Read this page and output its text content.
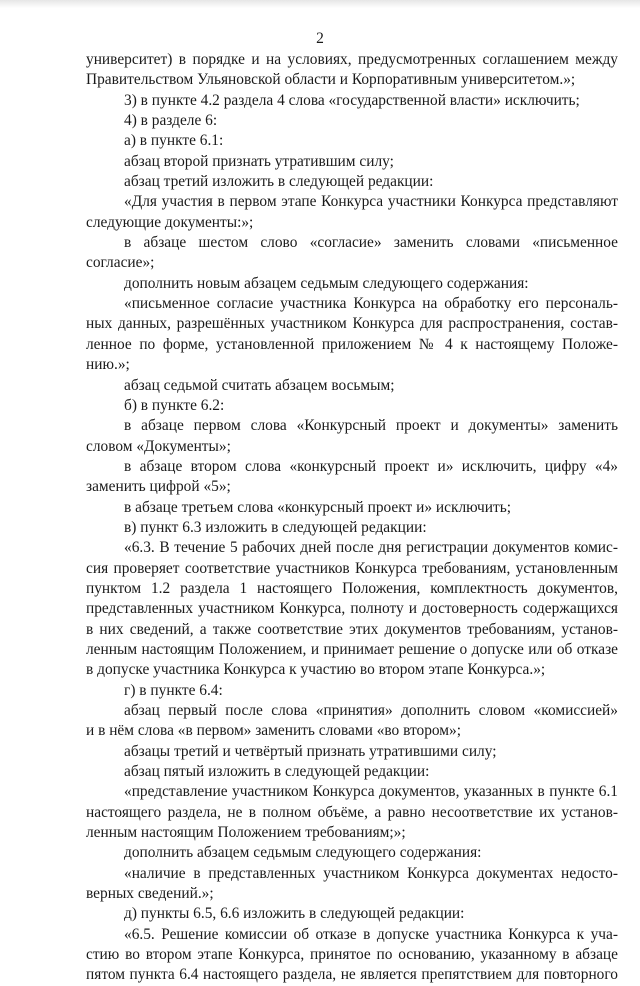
2
университет) в порядке и на условиях, предусмотренных соглашением между
Правительством Ульяновской области и Корпоративным университетом.»;
3) в пункте 4.2 раздела 4 слова «государственной власти» исключить;
4) в разделе 6:
а) в пункте 6.1:
абзац второй признать утратившим силу;
абзац третий изложить в следующей редакции:
«Для участия в первом этапе Конкурса участники Конкурса представляют
следующие документы:»;
в абзаце шестом слово «согласие» заменить словами «письменное
согласие»;
дополнить новым абзацем седьмым следующего содержания:
«письменное согласие участника Конкурса на обработку его персональ-
ных данных, разрешённых участником Конкурса для распространения, состав-
ленное по форме, установленной приложением № 4 к настоящему Положе-
нию.»;
абзац седьмой считать абзацем восьмым;
б) в пункте 6.2:
в абзаце первом слова «Конкурсный проект и документы» заменить
словом «Документы»;
в абзаце втором слова «конкурсный проект и» исключить, цифру «4»
заменить цифрой «5»;
в абзаце третьем слова «конкурсный проект и» исключить;
в) пункт 6.3 изложить в следующей редакции:
«6.3. В течение 5 рабочих дней после дня регистрации документов комис-
сия проверяет соответствие участников Конкурса требованиям, установленным
пунктом 1.2 раздела 1 настоящего Положения, комплектность документов,
представленных участником Конкурса, полноту и достоверность содержащихся
в них сведений, а также соответствие этих документов требованиям, установ-
ленным настоящим Положением, и принимает решение о допуске или об отказе
в допуске участника Конкурса к участию во втором этапе Конкурса.»;
г) в пункте 6.4:
абзац первый после слова «принятия» дополнить словом «комиссией»
и в нём слова «в первом» заменить словами «во втором»;
абзацы третий и четвёртый признать утратившими силу;
абзац пятый изложить в следующей редакции:
«представление участником Конкурса документов, указанных в пункте 6.1
настоящего раздела, не в полном объёме, а равно несоответствие их установ-
ленным настоящим Положением требованиям;»;
дополнить абзацем седьмым следующего содержания:
«наличие в представленных участником Конкурса документах недосто-
верных сведений.»;
д) пункты 6.5, 6.6 изложить в следующей редакции:
«6.5. Решение комиссии об отказе в допуске участника Конкурса к уча-
стию во втором этапе Конкурса, принятое по основанию, указанному в абзаце
пятом пункта 6.4 настоящего раздела, не является препятствием для повторного
